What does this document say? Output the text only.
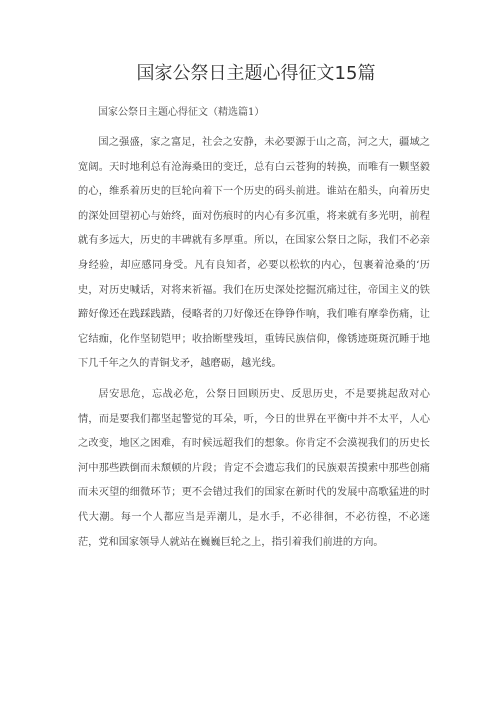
国家公祭日主题心得征文15篇

国家公祭日主题心得征文（精选篇1）

国之强盛，家之富足，社会之安静，未必要源于山之高，河之大，疆域之宽阔。天时地利总有沧海桑田的变迁，总有白云苍狗的转换，而唯有一颗坚毅的心，维系着历史的巨轮向着下一个历史的码头前进。谁站在船头，向着历史的深处回望初心与始终，面对伤痕时的内心有多沉重，将来就有多光明，前程就有多远大，历史的丰碑就有多厚重。所以，在国家公祭日之际，我们不必亲身经验，却应感同身受。凡有良知者，必要以松软的内心，包裹着沧桑的‘历史，对历史喊话，对将来祈福。我们在历史深处挖掘沉痛过往，帝国主义的铁蹄好像还在践踩践踏，侵略者的刀好像还在铮铮作响，我们唯有摩拳伤痛，让它结痂，化作坚韧铠甲；收拾断壁残垣，重铸民族信仰，像锈迹斑斑沉睡于地下几千年之久的青铜戈矛，越磨砺，越光线。

居安思危，忘战必危，公祭日回顾历史、反思历史，不是要挑起敌对心情，而是要我们都坚起警觉的耳朵，听，今日的世界在平衡中并不太平，人心之改变，地区之困难，有时候远超我们的想象。你肯定不会漠视我们的历史长河中那些跌倒而未颓顿的片段；肯定不会遗忘我们的民族艰苦摸索中那些创痛而未灭望的细微环节；更不会错过我们的国家在新时代的发展中高歌猛进的时代大潮。每一个人都应当是弄潮儿，是水手，不必徘徊，不必彷徨，不必迷茫，党和国家领导人就站在巍巍巨轮之上，指引着我们前进的方向。
